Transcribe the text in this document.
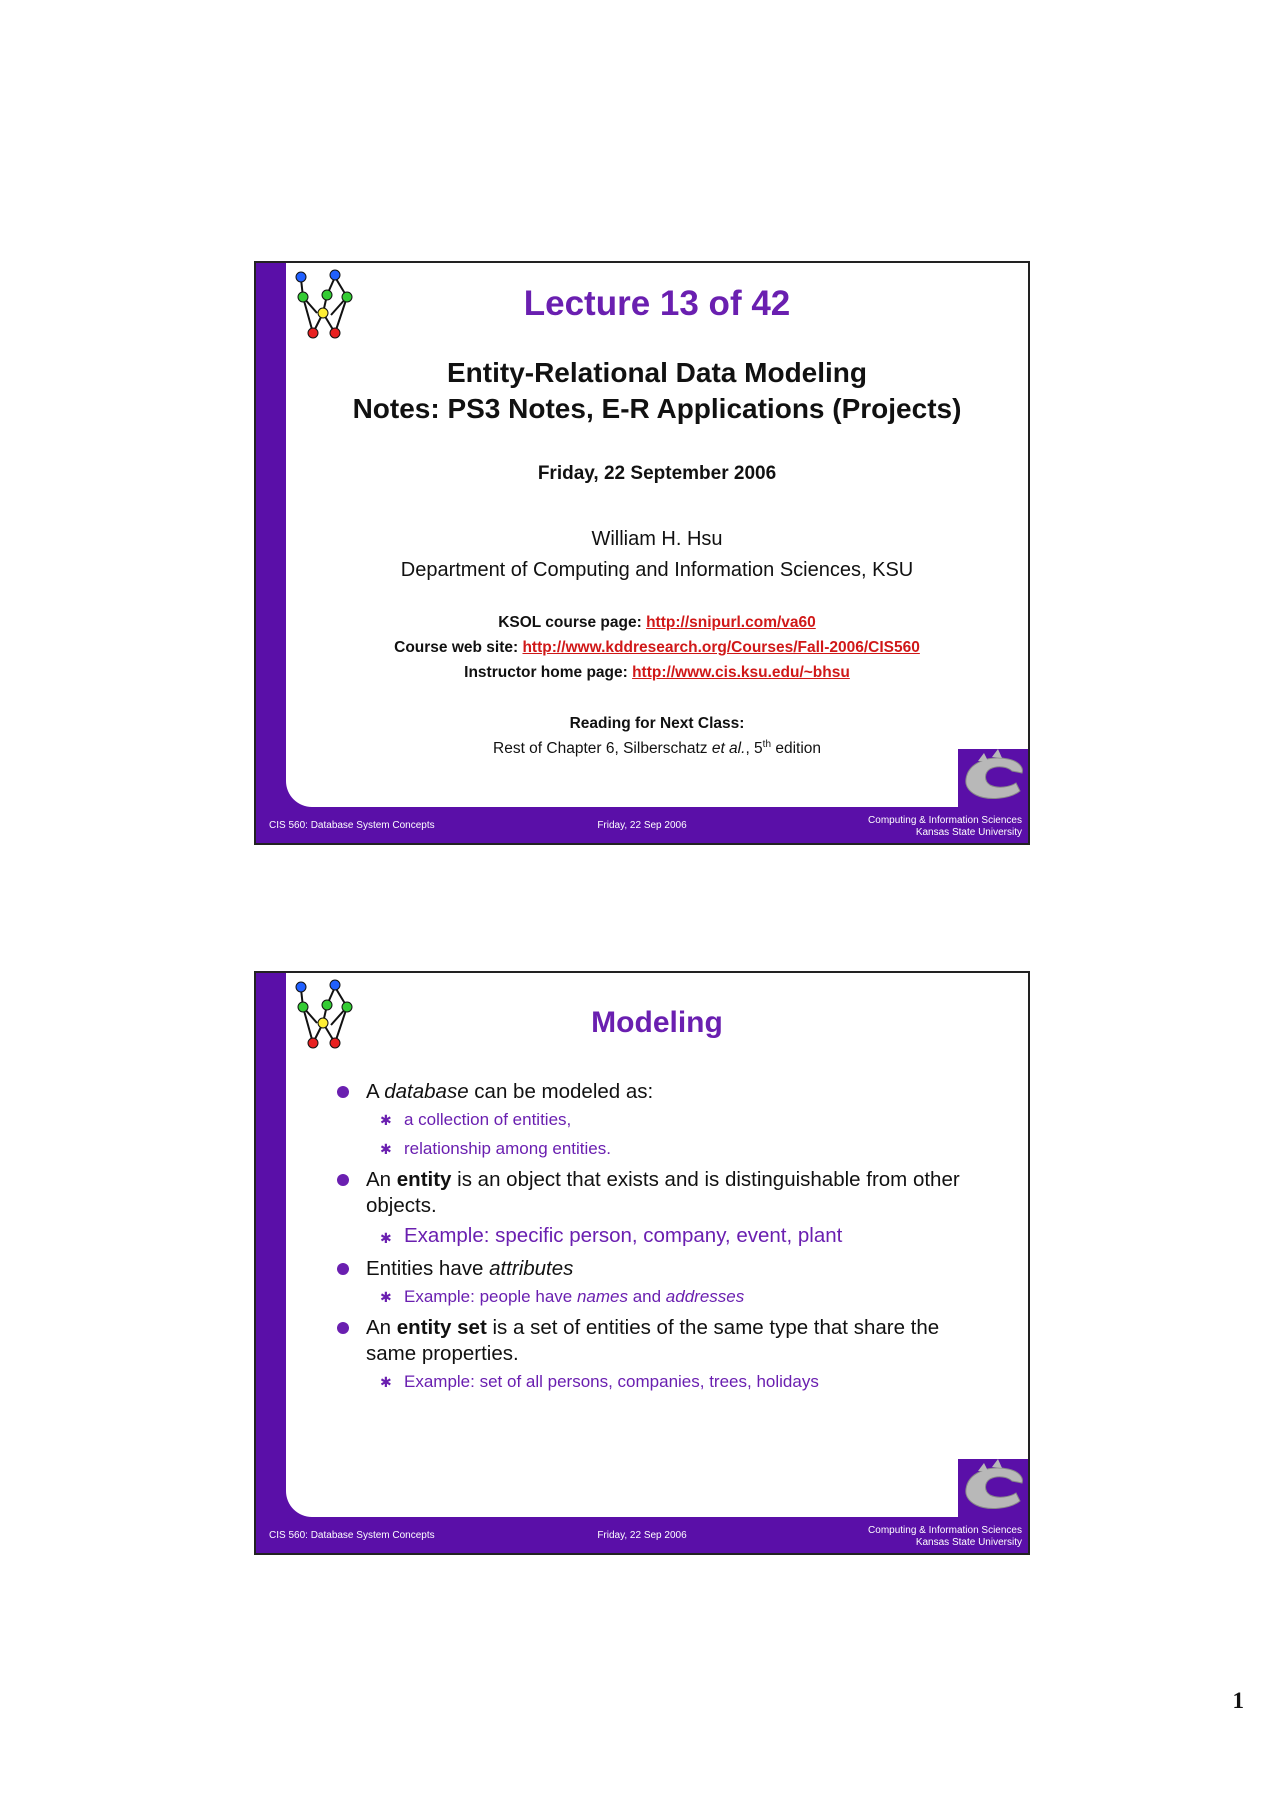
Lecture 13 of 42
Entity-Relational Data Modeling
Notes: PS3 Notes, E-R Applications (Projects)
Friday, 22 September 2006
William H. Hsu
Department of Computing and Information Sciences, KSU
KSOL course page: http://snipurl.com/va60
Course web site: http://www.kddresearch.org/Courses/Fall-2006/CIS560
Instructor home page: http://www.cis.ksu.edu/~bhsu
Reading for Next Class:
Rest of Chapter 6, Silberschatz et al., 5th edition
CIS 560: Database System Concepts	Friday, 22 Sep 2006	Computing & Information Sciences
Kansas State University
Modeling
A database can be modeled as:
✱ a collection of entities,
✱ relationship among entities.
An entity is an object that exists and is distinguishable from other objects.
✱ Example: specific person, company, event, plant
Entities have attributes
✱ Example: people have names and addresses
An entity set is a set of entities of the same type that share the same properties.
✱ Example: set of all persons, companies, trees, holidays
CIS 560: Database System Concepts	Friday, 22 Sep 2006	Computing & Information Sciences
Kansas State University
1
